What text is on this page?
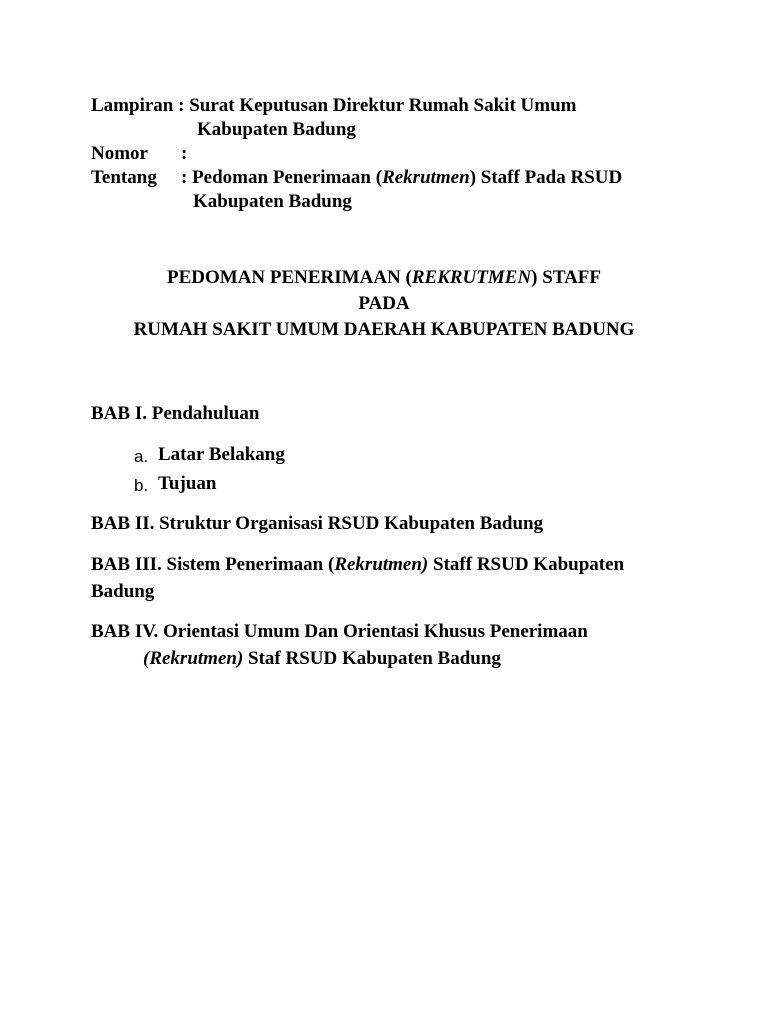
Lampiran : Surat Keputusan Direktur Rumah Sakit Umum
Kabupaten Badung
Nomor :
Tentang : Pedoman Penerimaan (Rekrutmen) Staff Pada RSUD
Kabupaten Badung
PEDOMAN PENERIMAAN (REKRUTMEN) STAFF
PADA
RUMAH SAKIT UMUM DAERAH KABUPATEN BADUNG
BAB I. Pendahuluan
a. Latar Belakang
b. Tujuan
BAB II. Struktur Organisasi RSUD Kabupaten Badung
BAB III. Sistem Penerimaan (Rekrutmen) Staff RSUD Kabupaten
Badung
BAB IV. Orientasi Umum Dan Orientasi Khusus Penerimaan
(Rekrutmen) Staf RSUD Kabupaten Badung
